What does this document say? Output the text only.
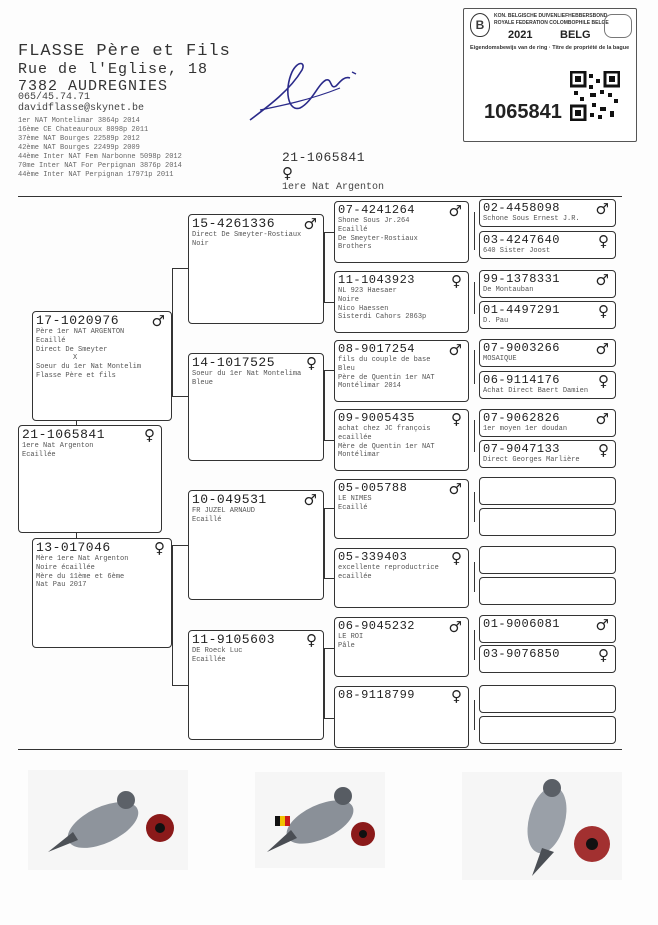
FLASSE Père et Fils
Rue de l'Eglise, 18
7382 AUDREGNIES
065/45.74.71
davidflasse@skynet.be
1er NAT Montelimar 3864p 2014
16ème CE Chateauroux 8098p 2011
37ème NAT Bourges 22589p 2012
42ème NAT Bourges 22499p 2009
44ème Inter NAT Fem Narbonne 5098p 2012
70me Inter NAT For Perpignan 3876p 2014
44ème Inter NAT Perpignan 17971p 2011
B
KON. BELGISCHE DUIVENLIEFHEBBERSBOND
ROYALE FEDERATION COLOMBOPHILE BELGE
2021	BELG
Eigendomsbewijs van de ring · Titre de propriété de la bague
1065841
21-1065841
♀
1ere Nat Argenton
21-1065841	♀
1ere Nat Argenton
Ecaillée
17-1020976	♂
Père 1er NAT ARGENTON
Ecaillé
Direct De Smeyter
X
Soeur du 1er Nat Montelim
Flasse Père et fils
13-017046	♀
Mère 1ere Nat Argenton
Noire écaillée
Mère du 11ème et 6ème
Nat Pau 2017
15-4261336	♂
Direct De Smeyter-Rostiaux
Noir
14-1017525	♀
Soeur du 1er Nat Montelima
Bleue
10-049531	♂
FR JUZEL ARNAUD
Ecaillé
11-9105603	♀
DE Roeck Luc
Ecaillée
07-4241264	♂
Shone Sous Jr.264
Ecaillé
De Smeyter-Rostiaux
Brothers
11-1043923	♀
NL 923 Haesaer
Noire
Nico Haessen
Sisterdi Cahors 2863p
08-9017254	♂
fils du couple de base
Bleu
Père de Quentin 1er NAT
Montélimar 2014
09-9005435	♀
achat chez JC françois
ecaillée
Mère de Quentin 1er NAT
Montélimar
05-005788	♂
LE NIMES
Ecaillé
05-339403	♀
excellente reproductrice
ecaillée
06-9045232	♂
LE ROI
Pâle
08-9118799	♀
02-4458098	♂
Schone Sous Ernest J.R.
03-4247640	♀
640 Sister Joost
99-1378331	♂
De Montauban
01-4497291	♀
D. Pau
07-9003266	♂
MOSAIQUE
06-9114176	♀
Achat Direct Baert Damien
07-9062826	♂
1er moyen 1er doudan
07-9047133	♀
Direct Georges Marlière
01-9006081	♂
03-9076850	♀
